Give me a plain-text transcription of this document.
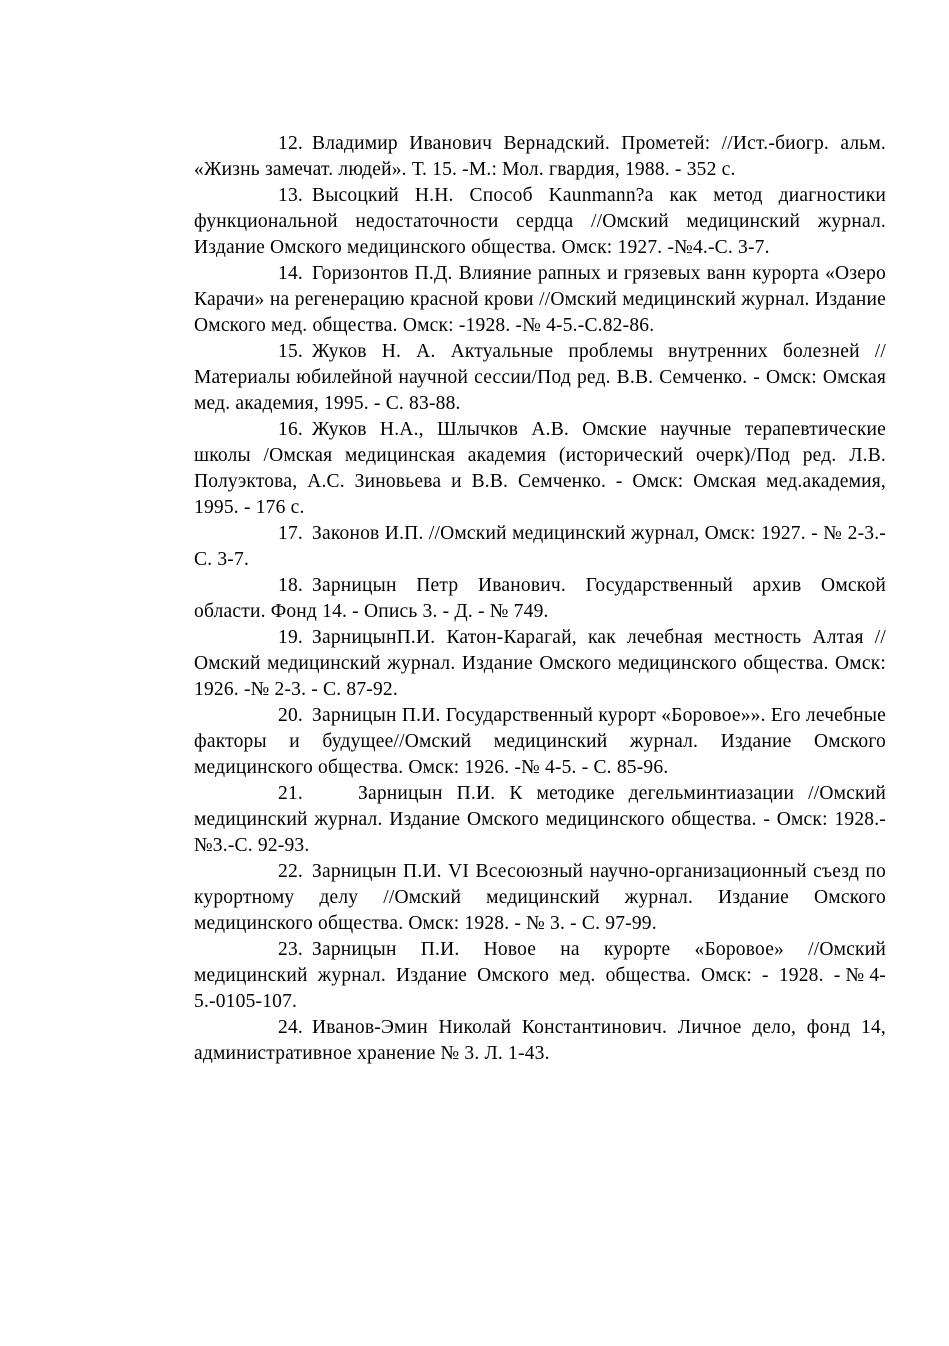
12. Владимир Иванович Вернадский. Прометей: //Ист.-биогр. альм. «Жизнь замечат. людей». Т. 15. -М.: Мол. гвардия, 1988. - 352 с.

13. Высоцкий Н.Н. Способ Kaunmann?а как метод диагностики функциональной недостаточности сердца //Омский медицинский журнал. Издание Омского медицинского общества. Омск: 1927. -№4.-С. 3-7.

14. Горизонтов П.Д. Влияние рапных и грязевых ванн курорта «Озеро Карачи» на регенерацию красной крови //Омский медицинский журнал. Издание Омского мед. общества. Омск: -1928. -№ 4-5.-С.82-86.

15. Жуков Н. А. Актуальные проблемы внутренних болезней //Материалы юбилейной научной сессии/Под ред. В.В. Семченко. - Омск: Омская мед. академия, 1995. - С. 83-88.

16. Жуков Н.А., Шлычков А.В. Омские научные терапевтические школы /Омская медицинская академия (исторический очерк)/Под ред. Л.В. Полуэктова, А.С. Зиновьева и В.В. Семченко. - Омск: Омская мед.академия, 1995. - 176 с.

17. Законов И.П. //Омский медицинский журнал, Омск: 1927. - № 2-3.-С. 3-7.

18. Зарницын Петр Иванович. Государственный архив Омской области. Фонд 14. - Опись 3. - Д. - № 749.

19. ЗарницынП.И. Катон-Карагай, как лечебная местность Алтая // Омский медицинский журнал. Издание Омского медицинского общества. Омск: 1926. -№ 2-3. - С. 87-92.

20. Зарницын П.И. Государственный курорт «Боровое»». Его лечебные факторы и будущее//Омский медицинский журнал. Издание Омского медицинского общества. Омск: 1926. -№ 4-5. - С. 85-96.

21.	Зарницын П.И. К методике дегельминтиазации //Омский медицинский журнал. Издание Омского медицинского общества. - Омск: 1928.-№3.-С. 92-93.

22. Зарницын П.И. VI Всесоюзный научно-организационный съезд по курортному делу //Омский медицинский журнал. Издание Омского медицинского общества. Омск: 1928. - № 3. - С. 97-99.

23. Зарницын П.И. Новое на курорте «Боровое» //Омский медицинский журнал. Издание Омского мед. общества. Омск: - 1928. -№4-5.-0105-107.

24. Иванов-Эмин Николай Константинович. Личное дело, фонд 14, административное хранение № 3. Л. 1-43.
